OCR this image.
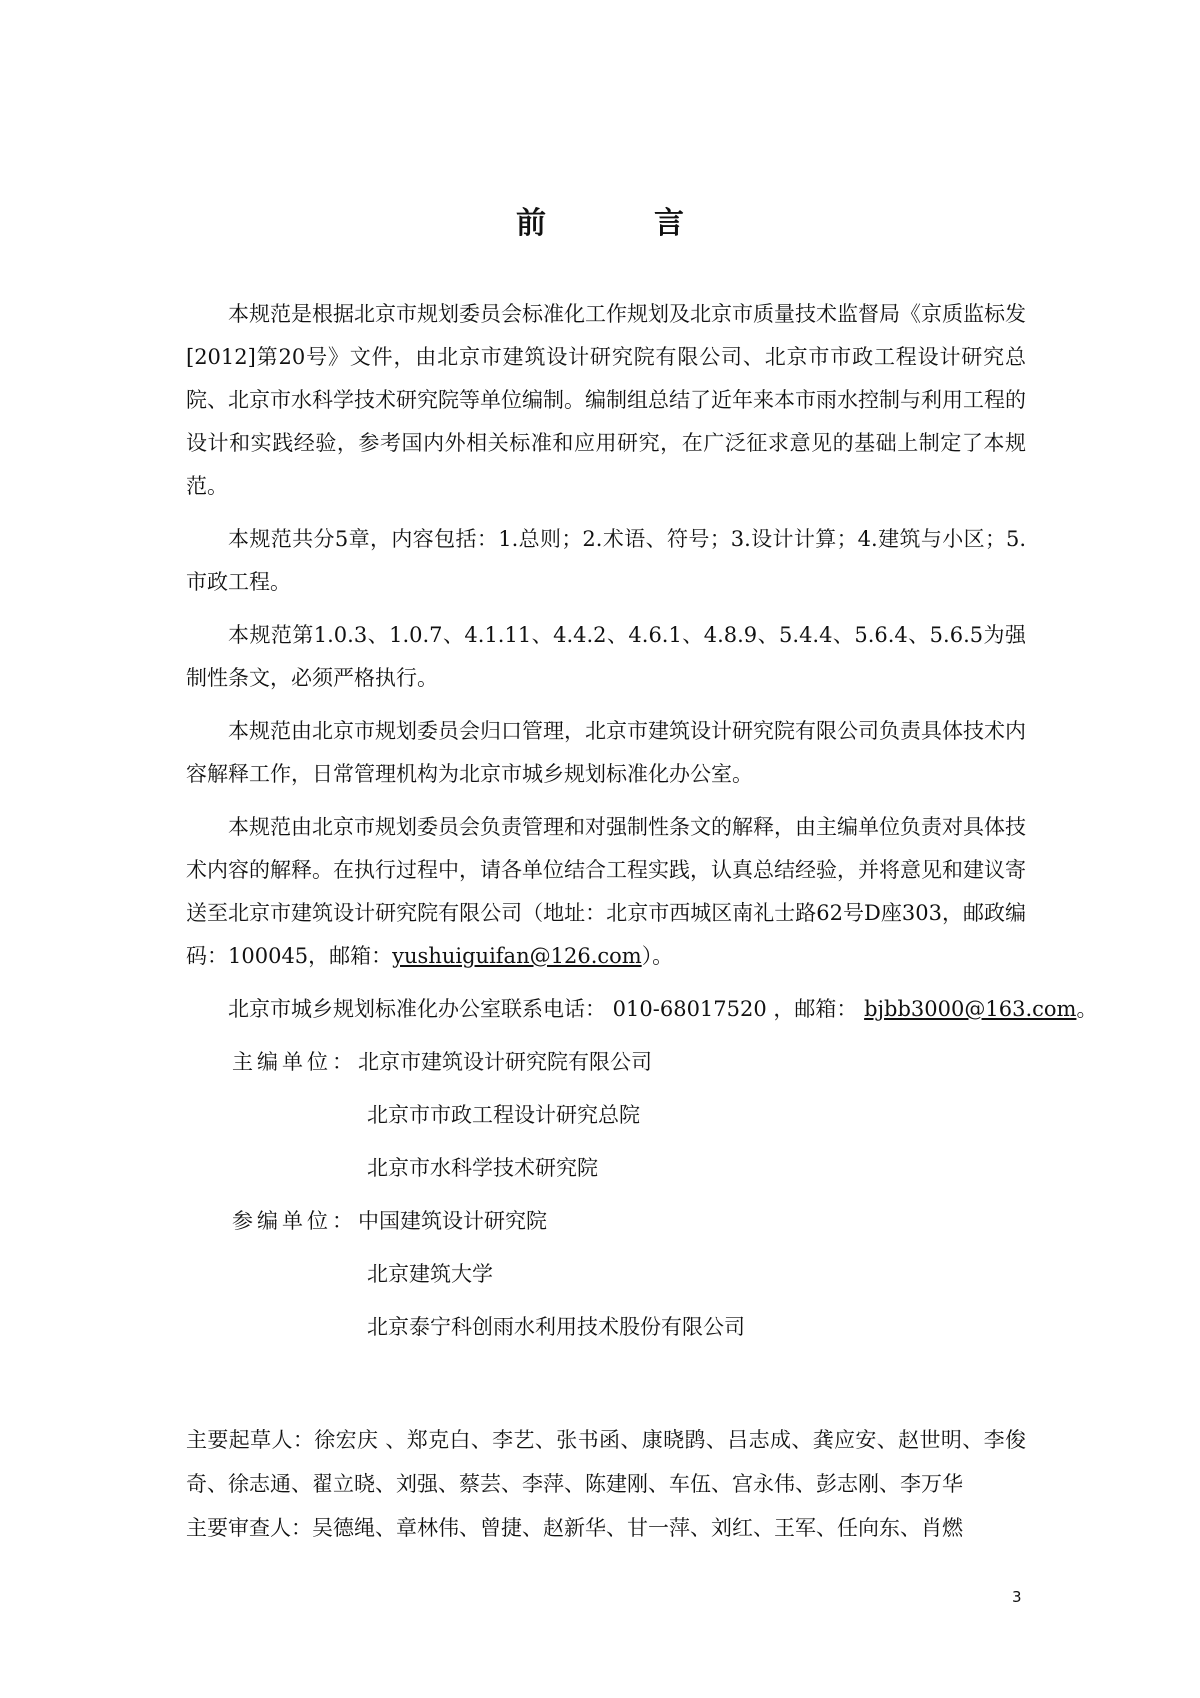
前言

本规范是根据北京市规划委员会标准化工作规划及北京市质量技术监督局《京质监标发[2012]第20号》文件，由北京市建筑设计研究院有限公司、北京市市政工程设计研究总院、北京市水科学技术研究院等单位编制。编制组总结了近年来本市雨水控制与利用工程的设计和实践经验，参考国内外相关标准和应用研究，在广泛征求意见的基础上制定了本规范。

本规范共分5章，内容包括：1.总则；2.术语、符号；3.设计计算；4.建筑与小区；5.市政工程。

本规范第1.0.3、1.0.7、4.1.11、4.4.2、4.6.1、4.8.9、5.4.4、5.6.4、5.6.5为强制性条文，必须严格执行。

本规范由北京市规划委员会归口管理，北京市建筑设计研究院有限公司负责具体技术内容解释工作，日常管理机构为北京市城乡规划标准化办公室。

本规范由北京市规划委员会负责管理和对强制性条文的解释，由主编单位负责对具体技术内容的解释。在执行过程中，请各单位结合工程实践，认真总结经验，并将意见和建议寄送至北京市建筑设计研究院有限公司（地址：北京市西城区南礼士路62号D座303，邮政编码：100045，邮箱：yushuiguifan@126.com）。

北京市城乡规划标准化办公室联系电话： 010-68017520 ，邮箱： bjbb3000@163.com。

主编单位：北京市建筑设计研究院有限公司
北京市市政工程设计研究总院
北京市水科学技术研究院
参编单位：中国建筑设计研究院
北京建筑大学
北京泰宁科创雨水利用技术股份有限公司

主要起草人：徐宏庆 、郑克白、李艺、张书函、康晓鹍、吕志成、龚应安、赵世明、李俊奇、徐志通、翟立晓、刘强、蔡芸、李萍、陈建刚、车伍、宫永伟、彭志刚、李万华

主要审查人：吴德绳、章林伟、曾捷、赵新华、甘一萍、刘红、王军、任向东、肖燃

3
